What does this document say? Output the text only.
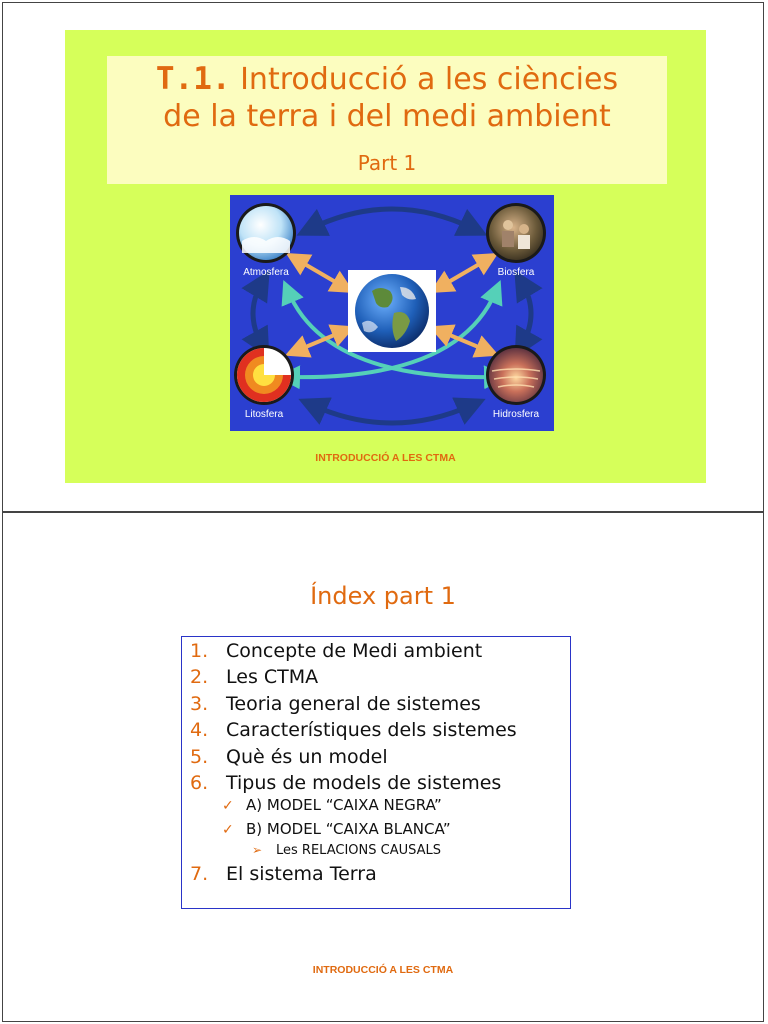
T.1. Introducció a les ciències
de la terra i del medi ambient
Part 1
Atmosfera	Biosfera
Litosfera	Hidrosfera
INTRODUCCIÓ A LES CTMA
Índex part 1
1. Concepte de Medi ambient
2. Les CTMA
3. Teoria general de sistemes
4. Característiques dels sistemes
5. Què és un model
6. Tipus de models de sistemes
✓ A) MODEL “CAIXA NEGRA”
✓ B) MODEL “CAIXA BLANCA”
➢ Les RELACIONS CAUSALS
7. El sistema Terra
INTRODUCCIÓ A LES CTMA
